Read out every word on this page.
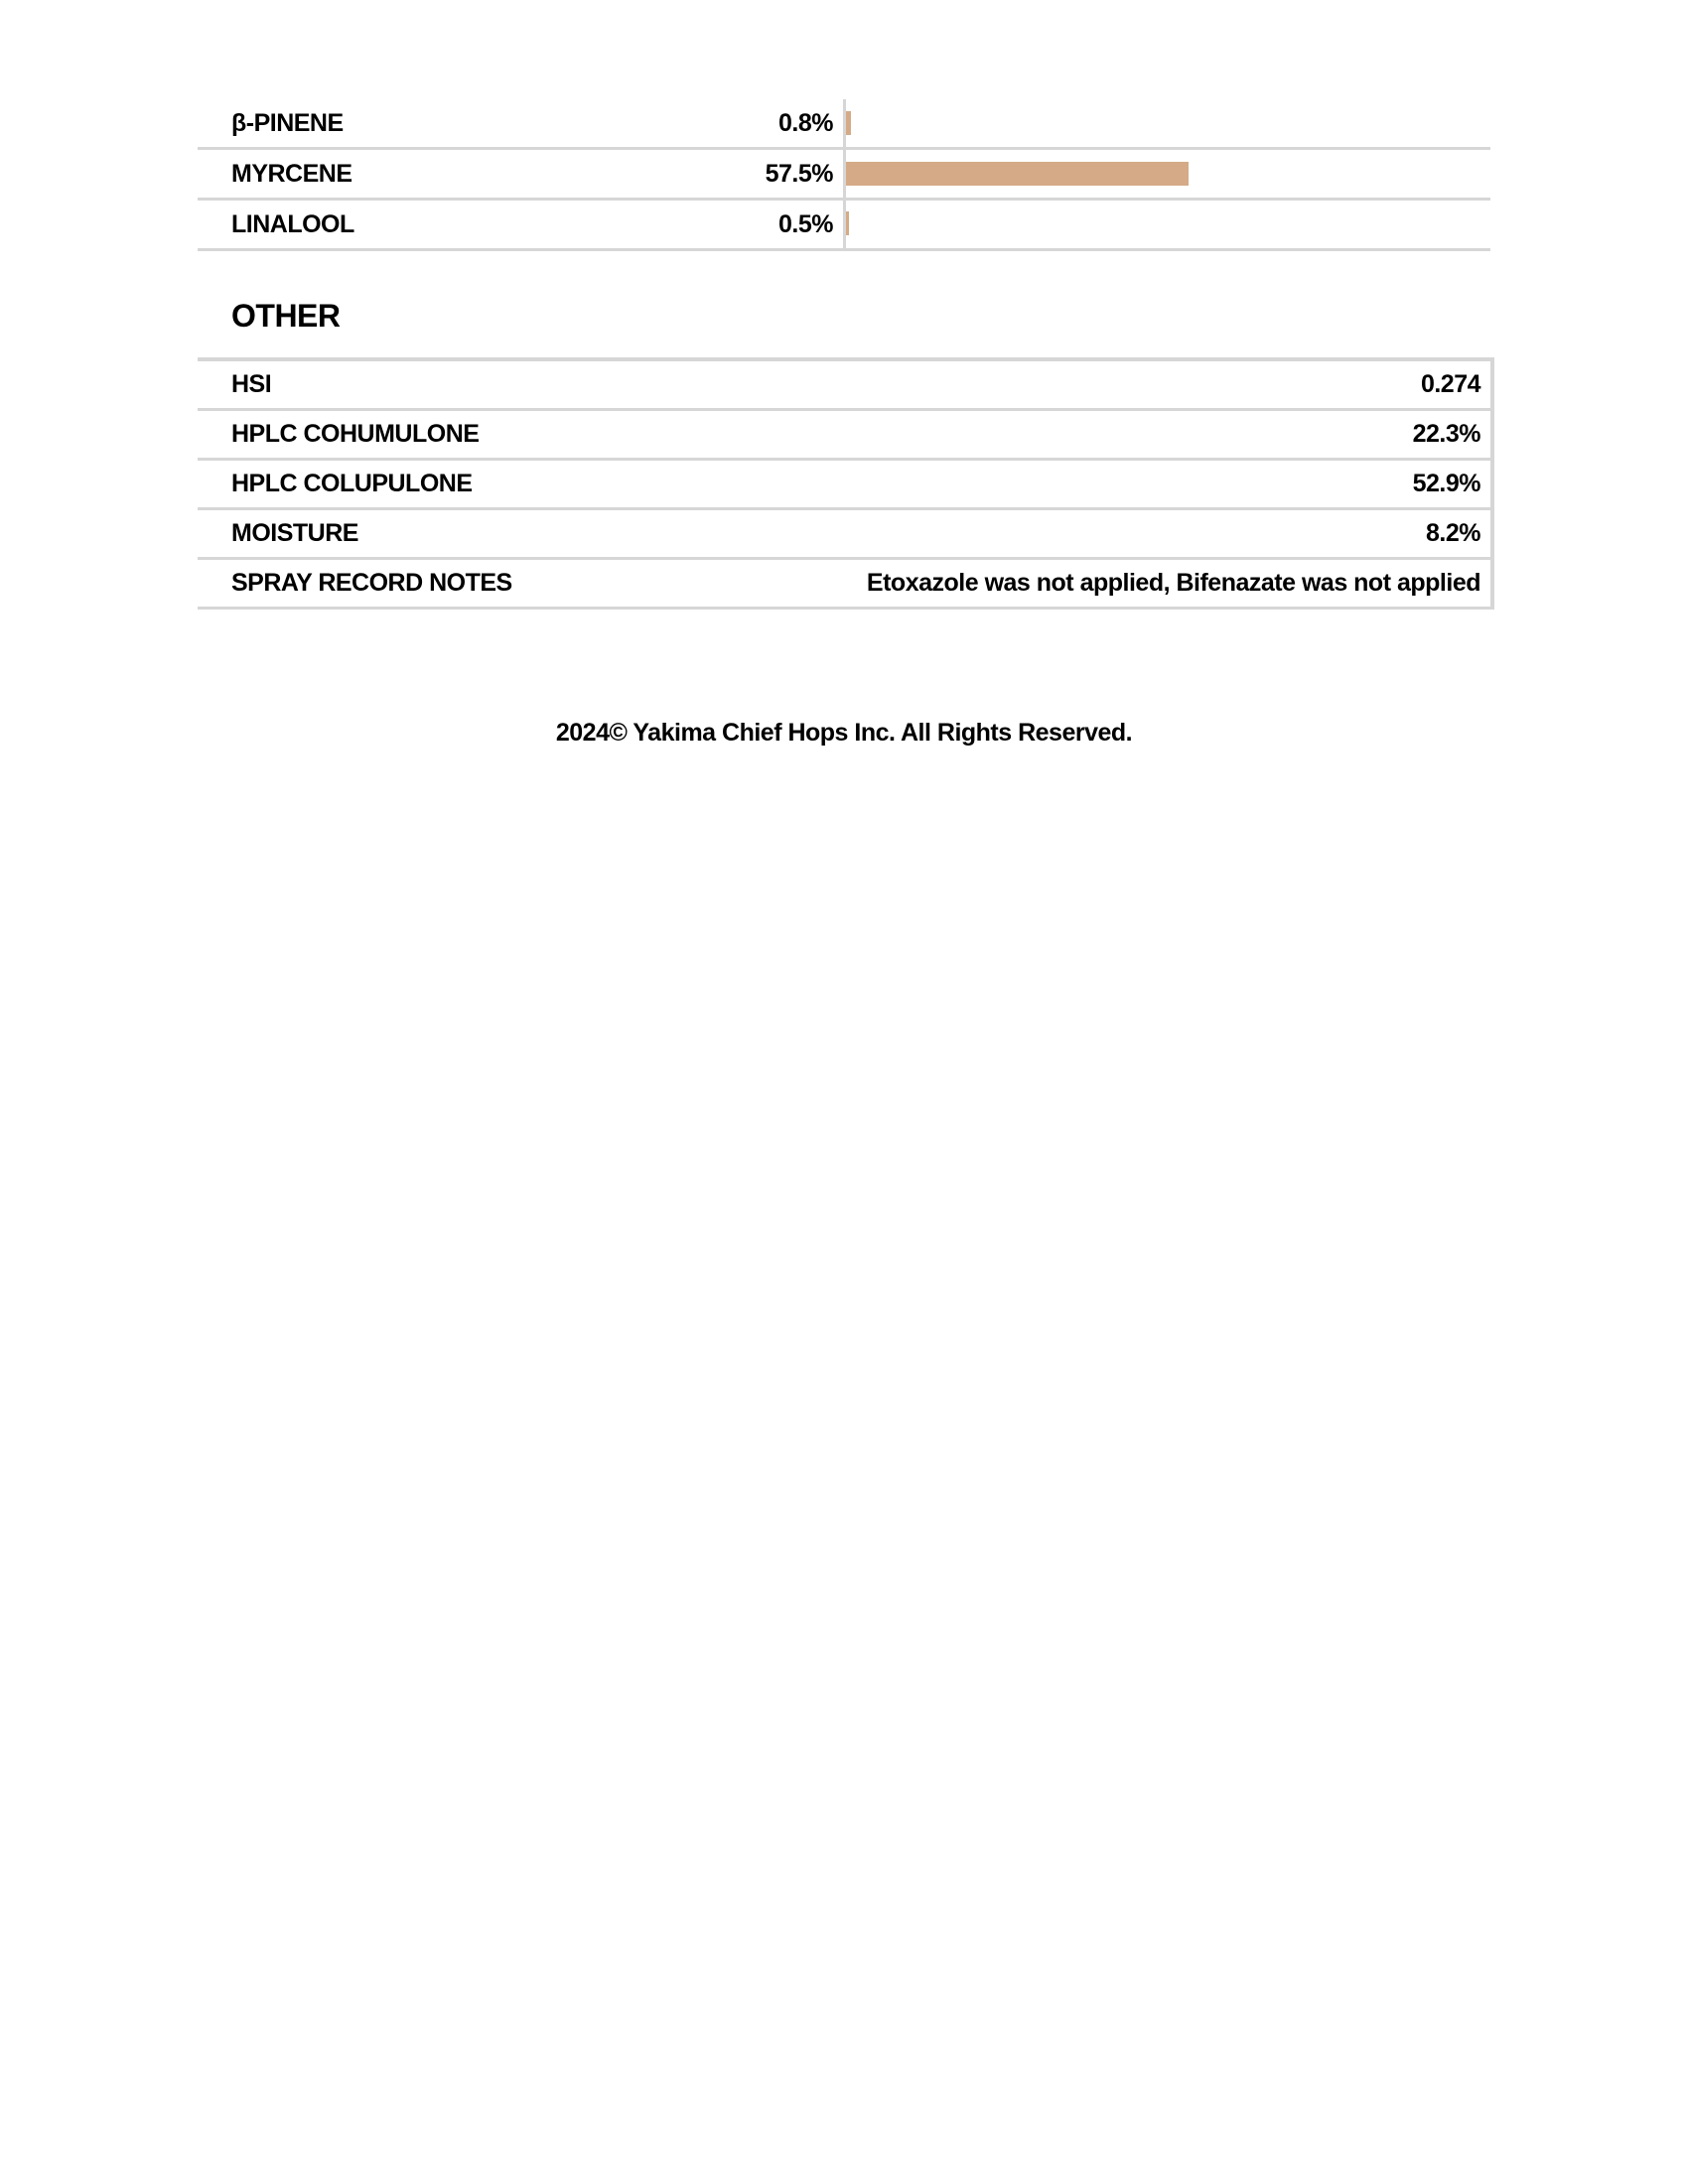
β-PINENE	0.8%
MYRCENE	57.5%
LINALOOL	0.5%
OTHER
HSI	0.274
HPLC COHUMULONE	22.3%
HPLC COLUPULONE	52.9%
MOISTURE	8.2%
SPRAY RECORD NOTES	Etoxazole was not applied, Bifenazate was not applied
2024© Yakima Chief Hops Inc. All Rights Reserved.
